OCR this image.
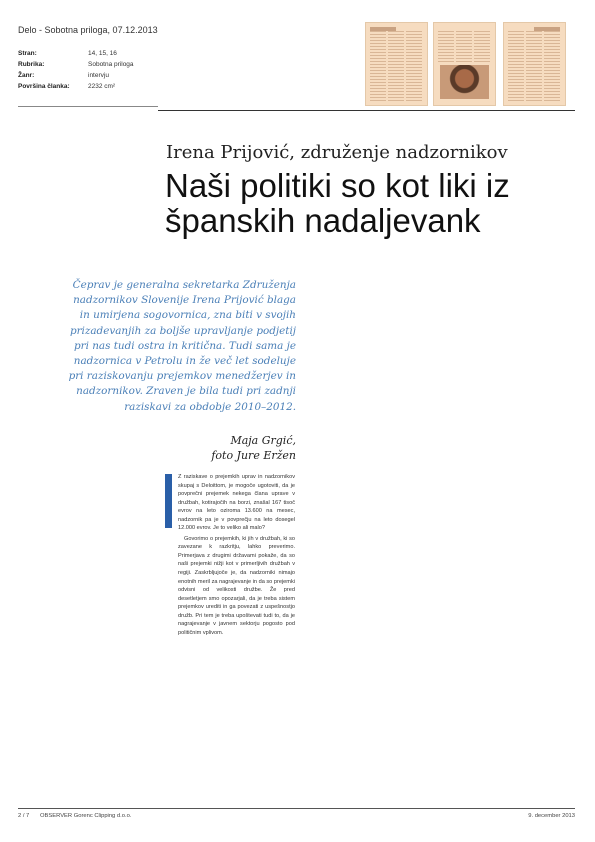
Delo - Sobotna priloga, 07.12.2013
Stran:	14, 15, 16
Rubrika:	Sobotna priloga
Žanr:	intervju
Površina članka:	2232 cm²
Irena Prijović, združenje nadzornikov
Naši politiki so kot liki iz španskih nadaljevank
Čeprav je generalna sekretarka Združenja nadzornikov Slovenije Irena Prijović blaga in umirjena sogovornica, zna biti v svojih prizadevanjih za boljše upravljanje podjetij pri nas tudi ostra in kritična. Tudi sama je nadzornica v Petrolu in že več let sodeluje pri raziskovanju prejemkov menedžerjev in nadzornikov. Zraven je bila tudi pri zadnji raziskavi za obdobje 2010–2012.
Maja Grgić,
foto Jure Eržen

Z raziskave o prejemkih uprav in nadzornikov skupaj s Deloittom, je mogoče ugotoviti, da je povprečni prejemek nekega člana uprave v družbah, kotirajočih na borzi, znašal 167 tisoč evrov na leto oziroma 13.600 na mesec, nadzornik pa je v povprečju na leto dosegel 12.000 evrov. Je to veliko ali malo?

Govorimo o prejemkih, ki jih v družbah, ki so zavezane k razkritju, lahko preverimo. Primerjava z drugimi državami pokaže, da so naši prejemki nižji kot v primerljivih družbah v regiji. Zaskrbljujoče je, da nadzorniki nimajo enotnih meril za nagrajevanje in da so prejemki odvisni od velikosti družbe. Že pred desetletjem smo opozarjali, da je treba sistem prejemkov urediti in ga povezati z uspešnostjo družb. Pri tem je treba upoštevati tudi to, da je nagrajevanje v javnem sektorju pogosto pod političnim vplivom.

2 / 7 OBSERVER Gorenc Clipping d.o.o.	9. december 2013
